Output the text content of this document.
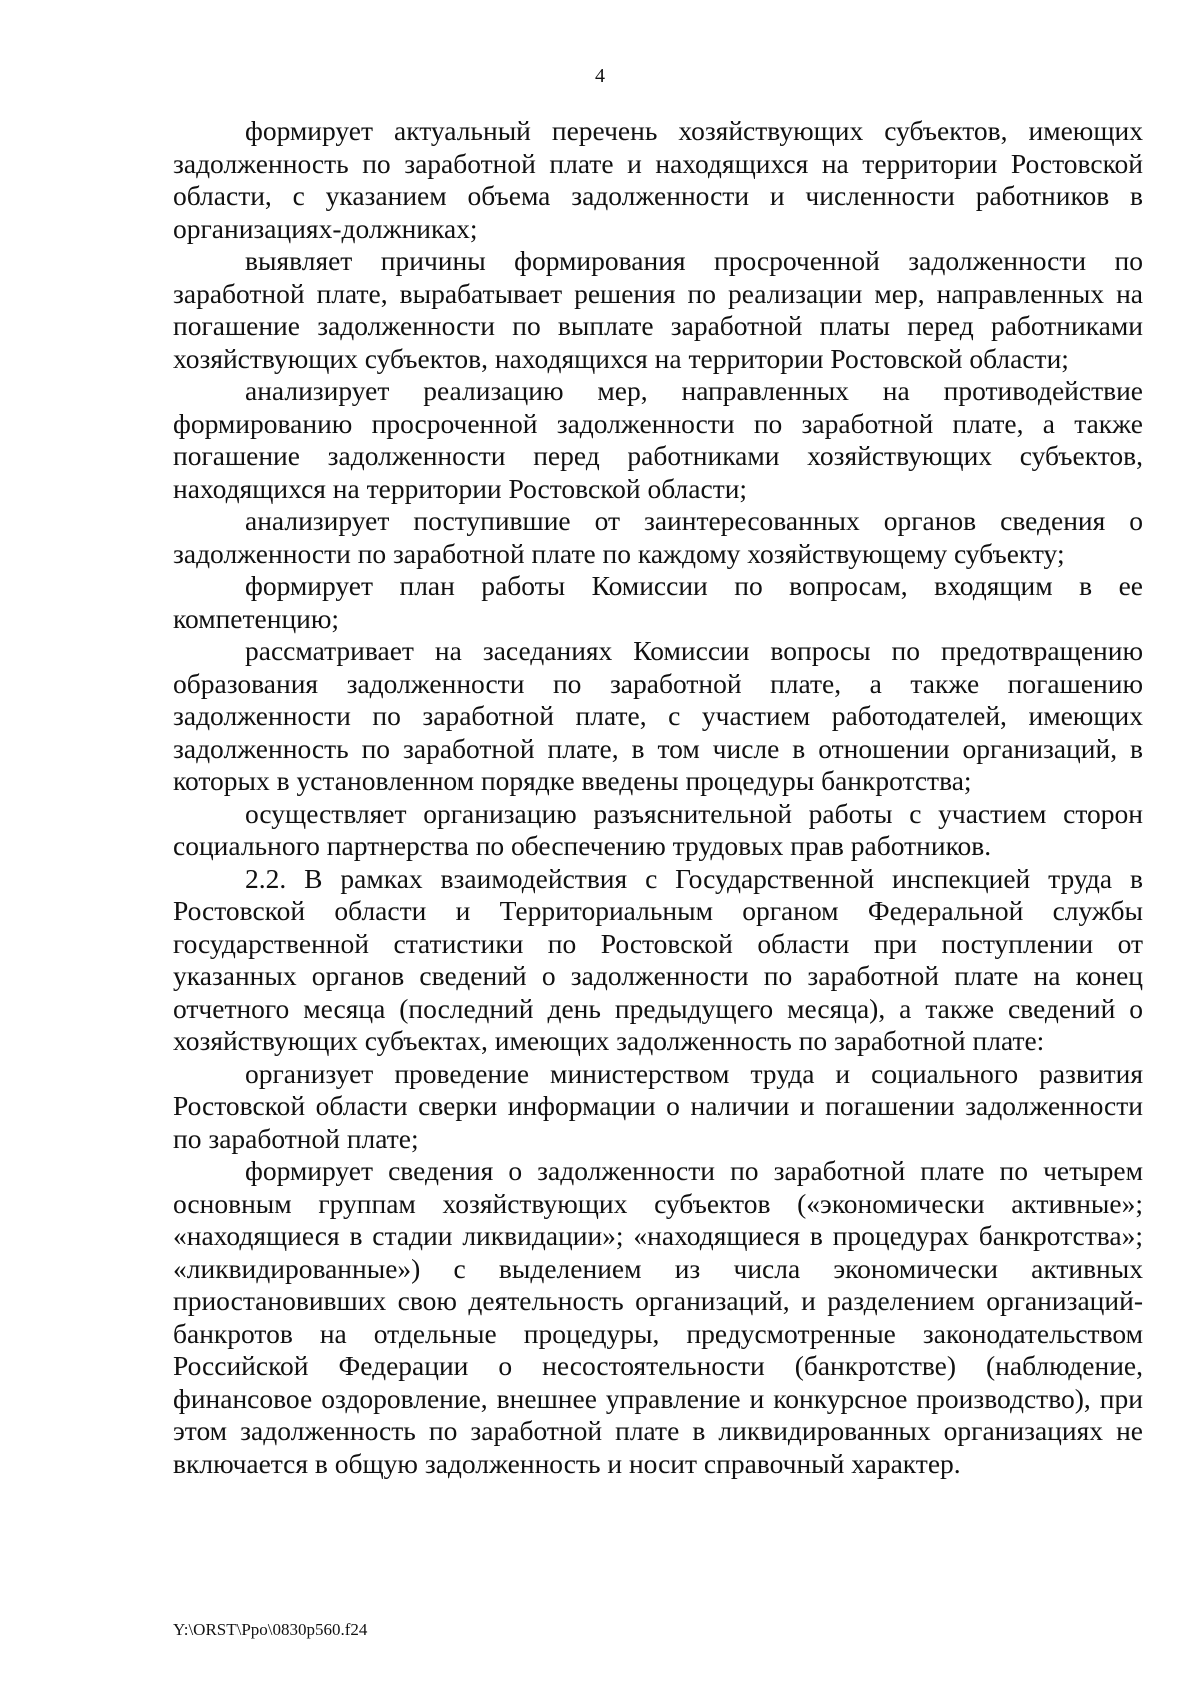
4

формирует актуальный перечень хозяйствующих субъектов, имеющих задолженность по заработной плате и находящихся на территории Ростовской области, с указанием объема задолженности и численности работников в организациях-должниках;

выявляет причины формирования просроченной задолженности по заработной плате, вырабатывает решения по реализации мер, направленных на погашение задолженности по выплате заработной платы перед работниками хозяйствующих субъектов, находящихся на территории Ростовской области;

анализирует реализацию мер, направленных на противодействие формированию просроченной задолженности по заработной плате, а также погашение задолженности перед работниками хозяйствующих субъектов, находящихся на территории Ростовской области;

анализирует поступившие от заинтересованных органов сведения о задолженности по заработной плате по каждому хозяйствующему субъекту;

формирует план работы Комиссии по вопросам, входящим в ее компетенцию;

рассматривает на заседаниях Комиссии вопросы по предотвращению образования задолженности по заработной плате, а также погашению задолженности по заработной плате, с участием работодателей, имеющих задолженность по заработной плате, в том числе в отношении организаций, в которых в установленном порядке введены процедуры банкротства;

осуществляет организацию разъяснительной работы с участием сторон социального партнерства по обеспечению трудовых прав работников.

2.2. В рамках взаимодействия с Государственной инспекцией труда в Ростовской области и Территориальным органом Федеральной службы государственной статистики по Ростовской области при поступлении от указанных органов сведений о задолженности по заработной плате на конец отчетного месяца (последний день предыдущего месяца), а также сведений о хозяйствующих субъектах, имеющих задолженность по заработной плате:

организует проведение министерством труда и социального развития Ростовской области сверки информации о наличии и погашении задолженности по заработной плате;

формирует сведения о задолженности по заработной плате по четырем основным группам хозяйствующих субъектов («экономически активные»; «находящиеся в стадии ликвидации»; «находящиеся в процедурах банкротства»; «ликвидированные») с выделением из числа экономически активных приостановивших свою деятельность организаций, и разделением организаций-банкротов на отдельные процедуры, предусмотренные законодательством Российской Федерации о несостоятельности (банкротстве) (наблюдение, финансовое оздоровление, внешнее управление и конкурсное производство), при этом задолженность по заработной плате в ликвидированных организациях не включается в общую задолженность и носит справочный характер.

Y:\ORST\Ppo\0830p560.f24
